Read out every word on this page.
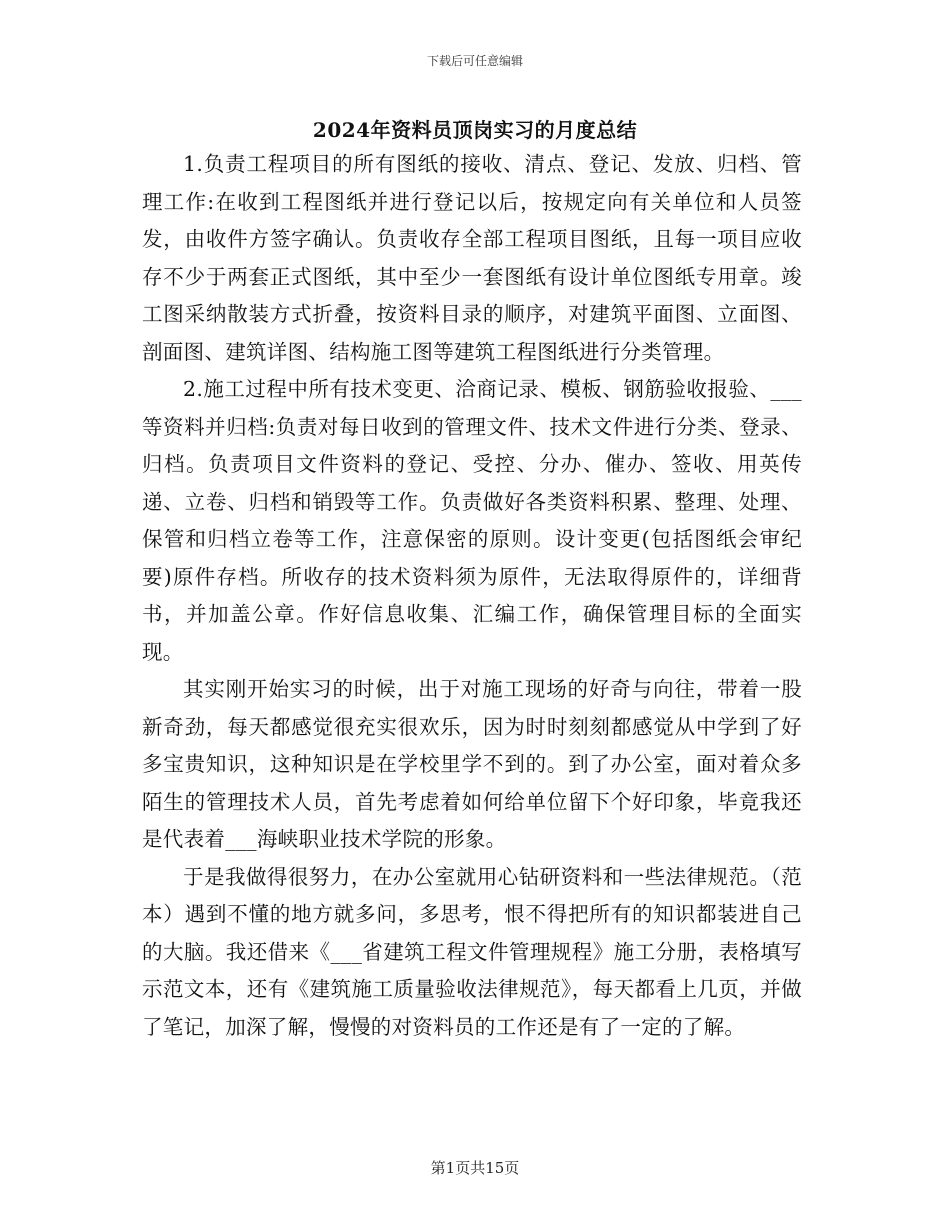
下载后可任意编辑
2024年资料员顶岗实习的月度总结

1.负责工程项目的所有图纸的接收、清点、登记、发放、归档、管理工作:在收到工程图纸并进行登记以后，按规定向有关单位和人员签发，由收件方签字确认。负责收存全部工程项目图纸，且每一项目应收存不少于两套正式图纸，其中至少一套图纸有设计单位图纸专用章。竣工图采纳散装方式折叠，按资料目录的顺序，对建筑平面图、立面图、剖面图、建筑详图、结构施工图等建筑工程图纸进行分类管理。

2.施工过程中所有技术变更、洽商记录、模板、钢筋验收报验、___等资料并归档:负责对每日收到的管理文件、技术文件进行分类、登录、归档。负责项目文件资料的登记、受控、分办、催办、签收、用英传递、立卷、归档和销毁等工作。负责做好各类资料积累、整理、处理、保管和归档立卷等工作，注意保密的原则。设计变更(包括图纸会审纪要)原件存档。所收存的技术资料须为原件，无法取得原件的，详细背书，并加盖公章。作好信息收集、汇编工作，确保管理目标的全面实现。

其实刚开始实习的时候，出于对施工现场的好奇与向往，带着一股新奇劲，每天都感觉很充实很欢乐，因为时时刻刻都感觉从中学到了好多宝贵知识，这种知识是在学校里学不到的。到了办公室，面对着众多陌生的管理技术人员，首先考虑着如何给单位留下个好印象，毕竟我还是代表着___海峡职业技术学院的形象。

于是我做得很努力，在办公室就用心钻研资料和一些法律规范。（范本）遇到不懂的地方就多问，多思考，恨不得把所有的知识都装进自己的大脑。我还借来《___省建筑工程文件管理规程》施工分册，表格填写示范文本，还有《建筑施工质量验收法律规范》，每天都看上几页，并做了笔记，加深了解，慢慢的对资料员的工作还是有了一定的了解。

第1页共15页
